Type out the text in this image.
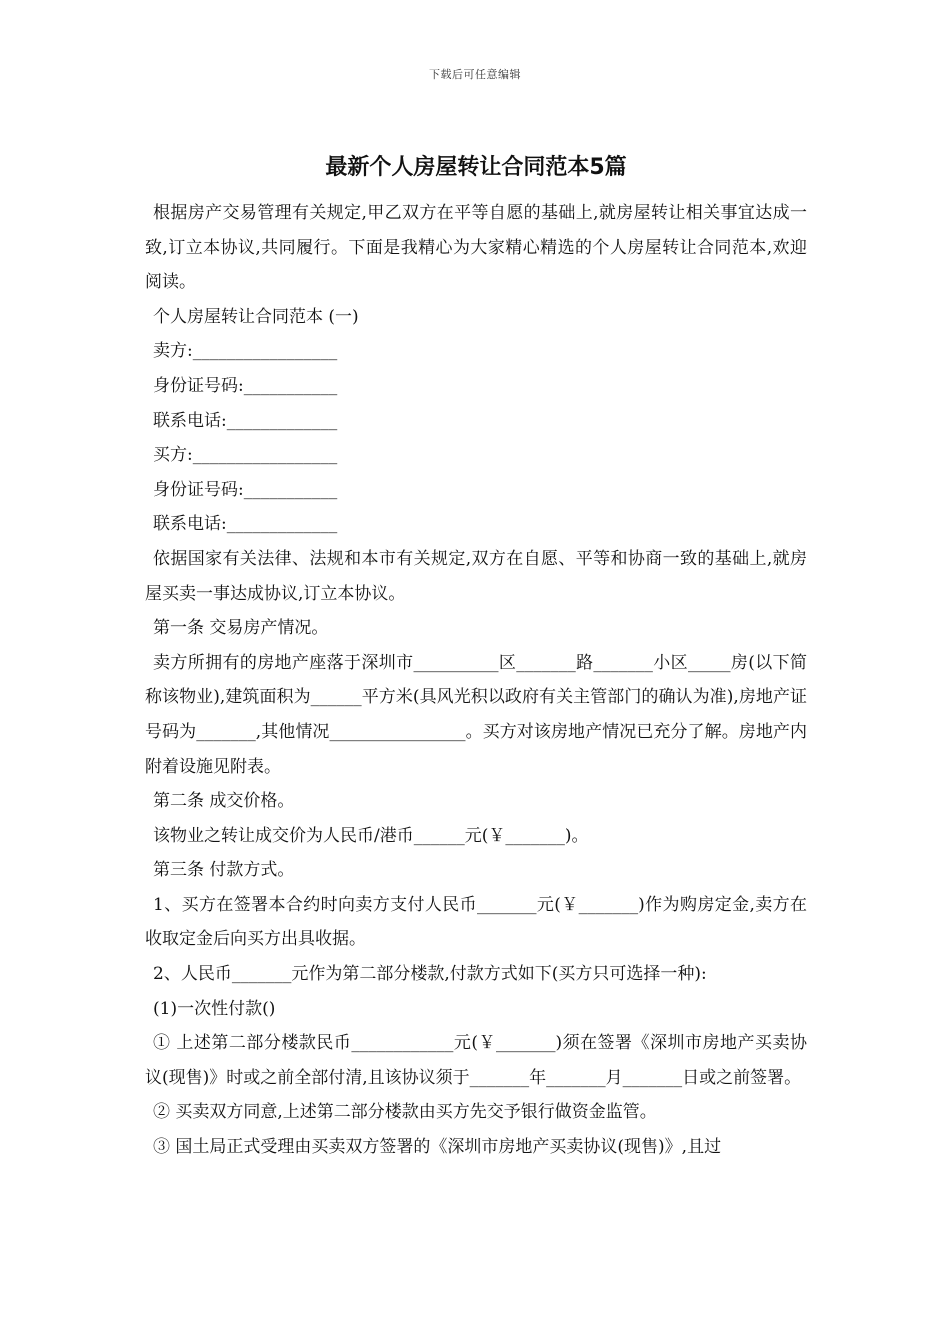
下载后可任意编辑
最新个人房屋转让合同范本5篇
根据房产交易管理有关规定,甲乙双方在平等自愿的基础上,就房屋转让相关事宜达成一致,订立本协议,共同履行。下面是我精心为大家精心精选的个人房屋转让合同范本,欢迎阅读。
个人房屋转让合同范本 (一)
卖方:_________________
身份证号码:___________
联系电话:_____________
买方:_________________
身份证号码:___________
联系电话:_____________
依据国家有关法律、法规和本市有关规定,双方在自愿、平等和协商一致的基础上,就房屋买卖一事达成协议,订立本协议。
第一条 交易房产情况。
卖方所拥有的房地产座落于深圳市__________区_______路_______小区_____房(以下简称该物业),建筑面积为______平方米(具风光积以政府有关主管部门的确认为准),房地产证号码为_______,其他情况________________。买方对该房地产情况已充分了解。房地产内附着设施见附表。
第二条 成交价格。
该物业之转让成交价为人民币/港币______元(￥_______)。
第三条 付款方式。
1、买方在签署本合约时向卖方支付人民币_______元(￥_______)作为购房定金,卖方在收取定金后向买方出具收据。
2、人民币_______元作为第二部分楼款,付款方式如下(买方只可选择一种):
(1)一次性付款()
① 上述第二部分楼款民币____________元(￥_______)须在签署《深圳市房地产买卖协议(现售)》时或之前全部付清,且该协议须于_______年_______月_______日或之前签署。
② 买卖双方同意,上述第二部分楼款由买方先交予银行做资金监管。
③ 国土局正式受理由买卖双方签署的《深圳市房地产买卖协议(现售)》,且过
